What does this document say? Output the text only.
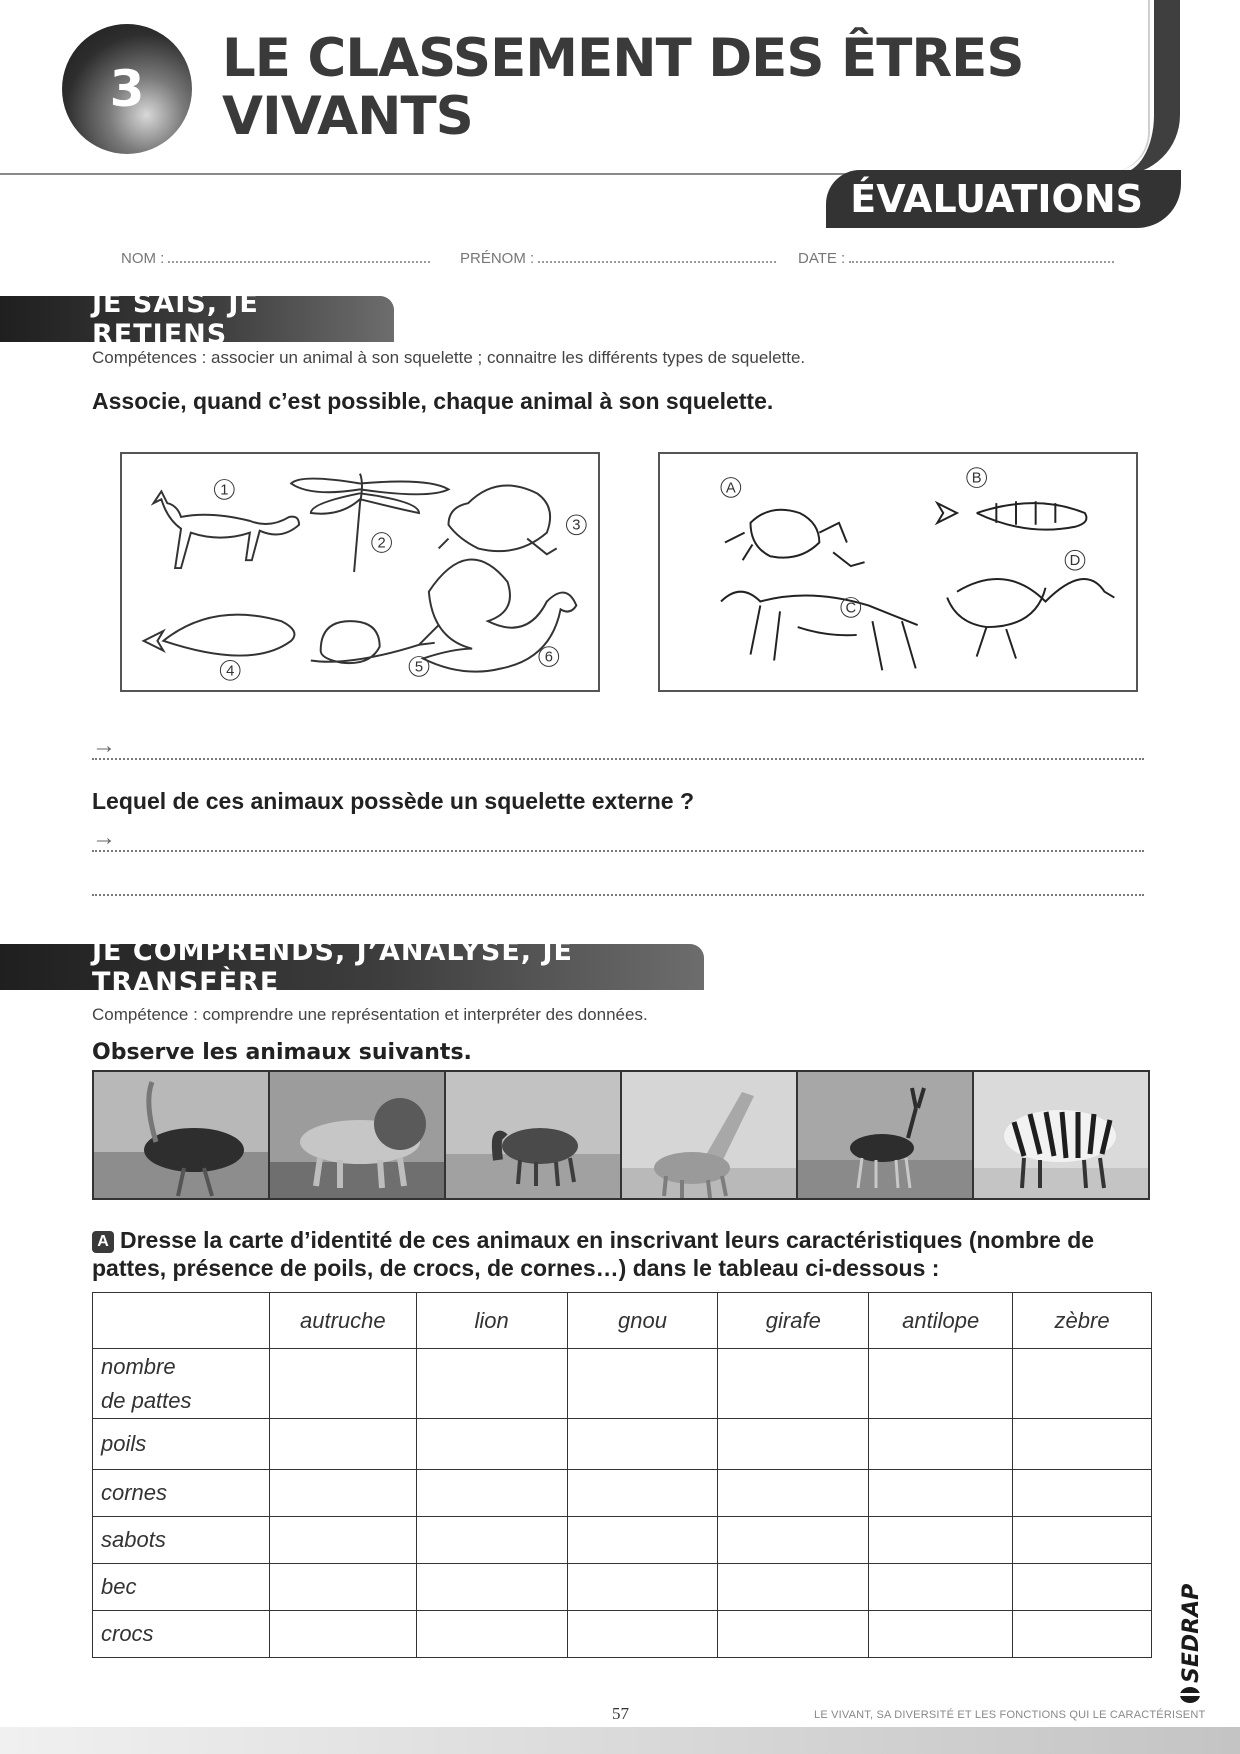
3	LE CLASSEMENT DES ÊTRES VIVANTS
ÉVALUATIONS
NOM :	PRÉNOM :	DATE :
JE SAIS, JE RETIENS
Compétences : associer un animal à son squelette ; connaitre les différents types de squelette.
Associe, quand c’est possible, chaque animal à son squelette.
1
2
3
4	5
6
A
B
C
D
→
Lequel de ces animaux possède un squelette externe ?
→
JE COMPRENDS, J’ANALYSE, JE TRANSFÈRE
Compétence : comprendre une représentation et interpréter des données.
Observe les animaux suivants.
A Dresse la carte d’identité de ces animaux en inscrivant leurs caractéristiques (nombre de pattes, présence de poils, de crocs, de cornes…) dans le tableau ci-dessous :
	autruche	lion	gnou	girafe	antilope	zèbre
nombre de pattes						
poils						
cornes						
sabots						
bec						
crocs							SEDRAP
57	LE VIVANT, SA DIVERSITÉ ET LES FONCTIONS QUI LE CARACTÉRISENT
